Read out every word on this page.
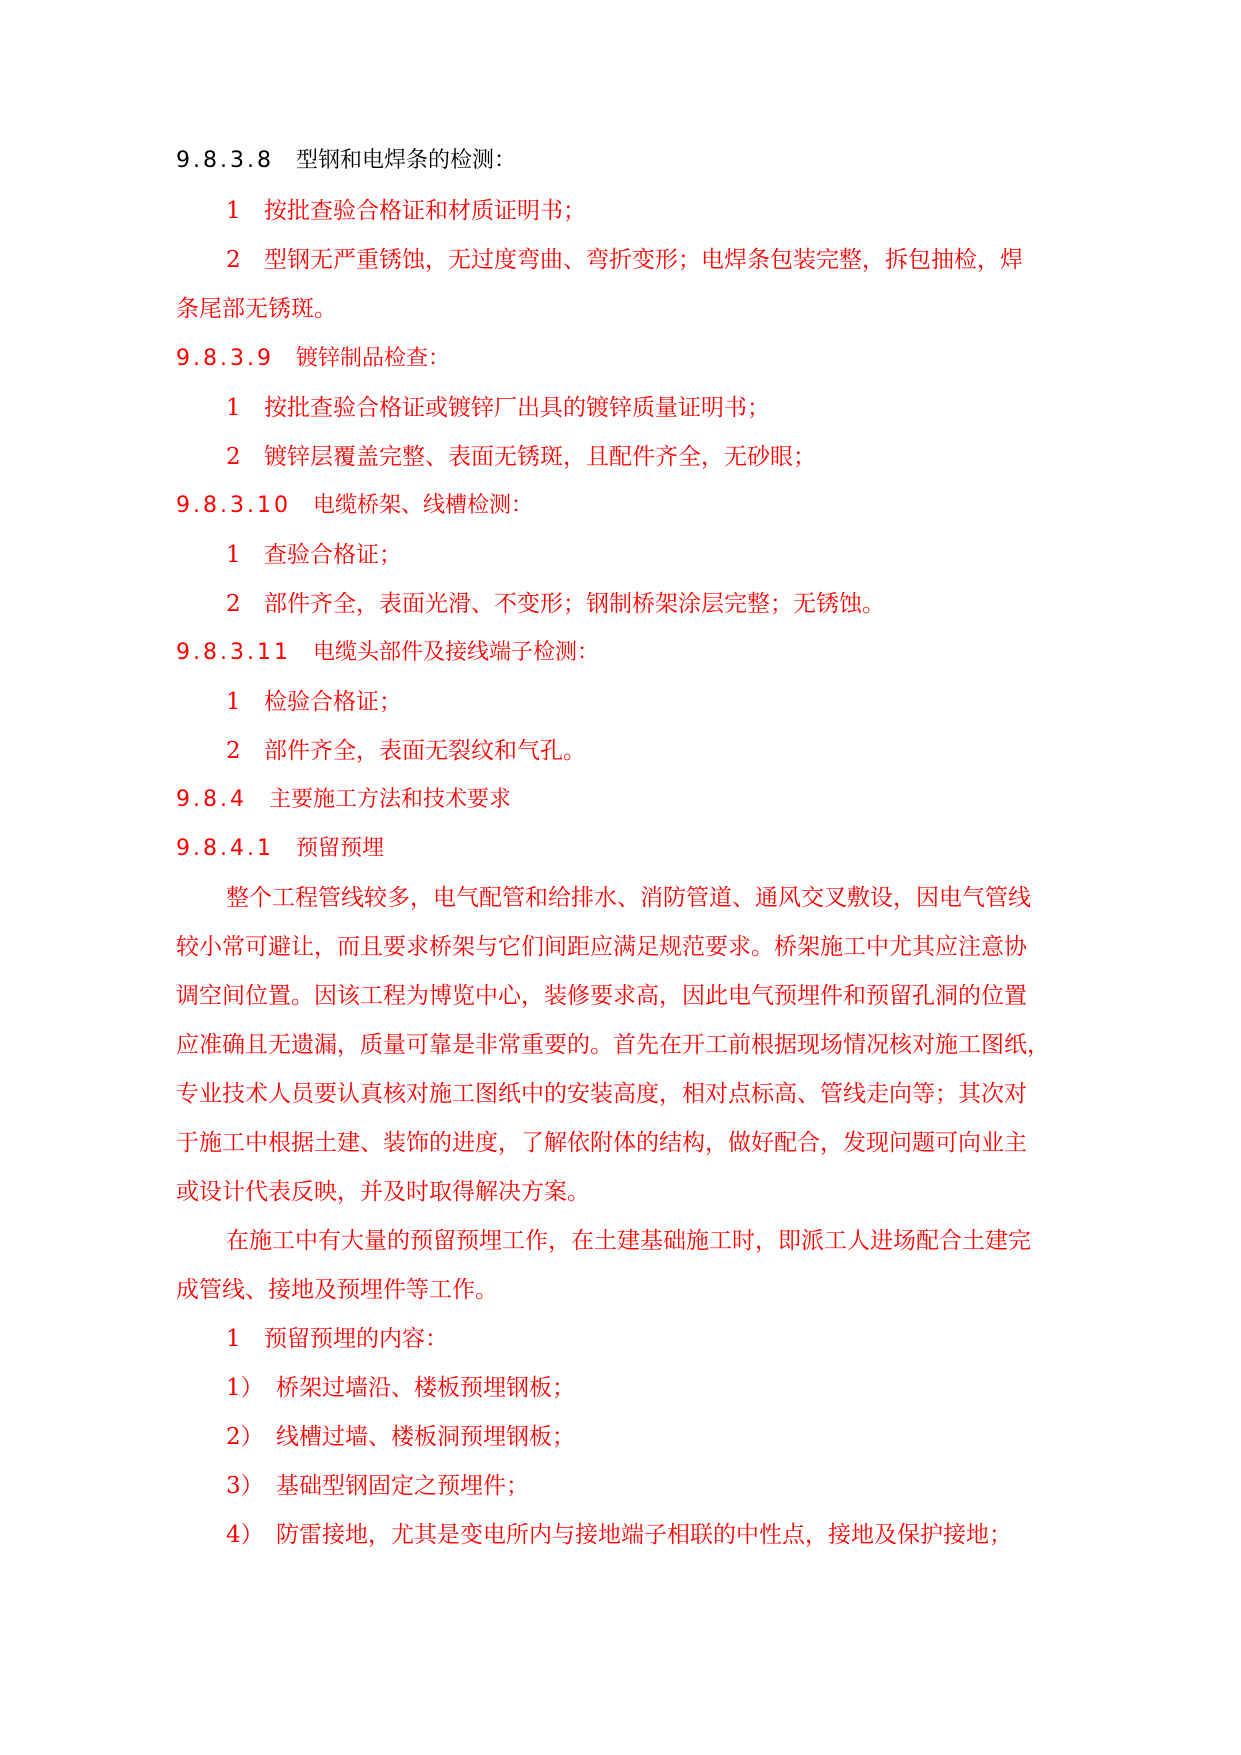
9.8.3.8 型钢和电焊条的检测：
1 按批查验合格证和材质证明书；
2 型钢无严重锈蚀，无过度弯曲、弯折变形；电焊条包装完整，拆包抽检，焊
条尾部无锈斑。
9.8.3.9 镀锌制品检查：
1 按批查验合格证或镀锌厂出具的镀锌质量证明书；
2 镀锌层覆盖完整、表面无锈斑，且配件齐全，无砂眼；
9.8.3.10 电缆桥架、线槽检测：
1 查验合格证；
2 部件齐全，表面光滑、不变形；钢制桥架涂层完整；无锈蚀。
9.8.3.11 电缆头部件及接线端子检测：
1 检验合格证；
2 部件齐全，表面无裂纹和气孔。
9.8.4 主要施工方法和技术要求
9.8.4.1 预留预埋
整个工程管线较多，电气配管和给排水、消防管道、通风交叉敷设，因电气管线
较小常可避让，而且要求桥架与它们间距应满足规范要求。桥架施工中尤其应注意协
调空间位置。因该工程为博览中心，装修要求高，因此电气预埋件和预留孔洞的位置
应准确且无遗漏，质量可靠是非常重要的。首先在开工前根据现场情况核对施工图纸，
专业技术人员要认真核对施工图纸中的安装高度，相对点标高、管线走向等；其次对
于施工中根据土建、装饰的进度，了解依附体的结构，做好配合，发现问题可向业主
或设计代表反映，并及时取得解决方案。
在施工中有大量的预留预埋工作，在土建基础施工时，即派工人进场配合土建完
成管线、接地及预埋件等工作。
1 预留预埋的内容：
1） 桥架过墙沿、楼板预埋钢板；
2） 线槽过墙、楼板洞预埋钢板；
3） 基础型钢固定之预埋件；
4） 防雷接地，尤其是变电所内与接地端子相联的中性点，接地及保护接地；
